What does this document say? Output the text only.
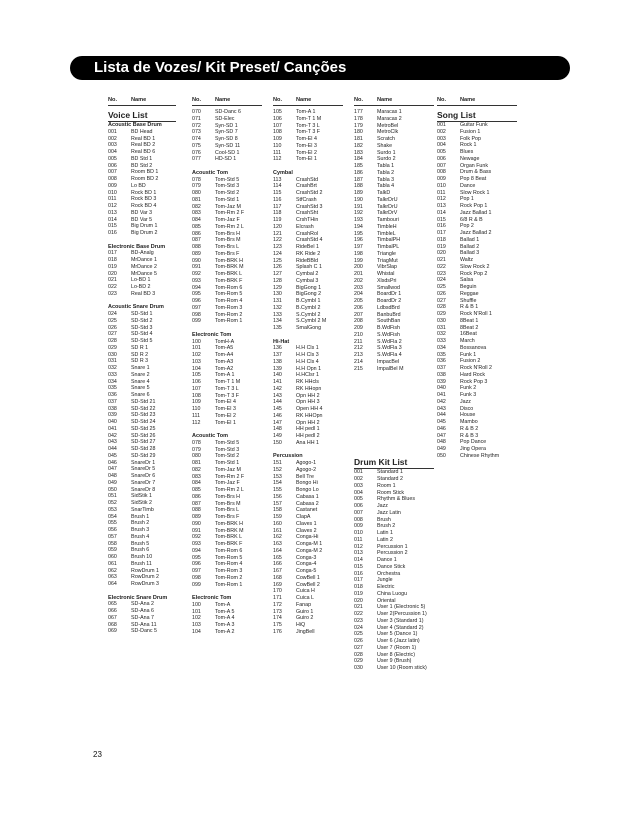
Lista de Vozes/ Kit Preset/ Canções
No. Name
Voice List
Acoustic Base Drum
001	BD Head
002	Real BD 1
003	Real BD 2
004	Real BD 6
005	BD Std 1
006	BD Std 2
007	Room BD 1
008	Room BD 2
009	Lo BD
010	Rock BD 1
011	Rock BD 3
012	Rock BD 4
013	BD Var 3
014	BD Var 5
015	Big Drum 1
016	Big Drum 2
Electronic Base Drum
017	BD-Analg
018	MrDance 1
019	MrDance 2
020	MrDance 5
021	Lo-BD 1
022	Lo-BD 2
023	Real BD 3
Acoustic Snare Drum
024	SD-Std 1
025	SD-Std 2
026	SD-Std 3
027	SD-Std 4
028	SD-Std 5
029	SD R 1
030	SD R 2
031	SD R 3
032	Snare 1
033	Snare 2
034	Snare 4
035	Snare 5
036	Snare 6
037	SD-Std 21
038	SD-Std 22
039	SD-Std 23
040	SD-Std 24
041	SD-Std 25
042	SD-Std 26
043	SD-Std 27
044	SD-Std 28
045	SD-Std 29
046	SnareDr 1
047	SnareDr 5
048	SnareDr 6
049	SnareDr 7
050	SnareDr 8
051	SidStik 1
052	SidStik 2
053	SnarTimb
054	Brush 1
055	Brush 2
056	Brush 3
057	Brush 4
058	Brush 5
059	Brush 6
060	Brush 10
061	Brush 11
062	RowDrum 1
063	RowDrum 2
064	RowDrum 3
Electronic Snare Drum
065	SD-Ana 2
066	SD-Ana 6
067	SD-Ana 7
068	SD-Ana 11
069	SD-Danc 5
No. Name
070	SD-Danc 6
071	SD-Elec
072	Syn-SD 1
073	Syn-SD 7
074	Syn-SD 8
075	Syn-SD 11
076	Cool-SD 1
077	HD-SD 1
Acoustic Tom
078	Tom-Std 5
079	Tom-Std 3
080	Tom-Std 2
081	Tom-Std 1
082	Tom-Jaz M
083	Tom-Rm 2 F
084	Tom-Jaz F
085	Tom-Rm 2 L
086	Tom-Brs H
087	Tom-Brs M
088	Tom-Brs L
089	Tom-Brs F
090	Tom-BRK H
091	Tom-BRK M
092	Tom-BRK L
093	Tom-BRK F
094	Tom-Rom 6
095	Tom-Rom 5
096	Tom-Rom 4
097	Tom-Rom 3
098	Tom-Rom 2
099	Tom-Rom 1
Electronic Tom
100	TomH-A
101	Tom-A5
102	Tom-A4
103	Tom-A3
104	Tom-A2
105	Tom-A 1
106	Tom-T 1 M
107	Tom-T 3 L
108	Tom-T 3 F
109	Tom-El 4
110	Tom-El 3
111	Tom-El 2
112	Tom-El 1
Acoustic Tom
078	Tom-Std 5
079	Tom-Std 3
080	Tom-Std 2
081	Tom-Std 1
082	Tom-Jaz M
083	Tom-Rm 2 F
084	Tom-Jaz F
085	Tom-Rm 2 L
086	Tom-Brs H
087	Tom-Brs M
088	Tom-Brs L
089	Tom-Brs F
090	Tom-BRK H
091	Tom-BRK M
092	Tom-BRK L
093	Tom-BRK F
094	Tom-Rom 6
095	Tom-Rom 5
096	Tom-Rom 4
097	Tom-Rom 3
098	Tom-Rom 2
099	Tom-Rom 1
Electronic Tom
100	Tom-A
101	Tom-A 5
102	Tom-A 4
103	Tom-A 3
104	Tom-A 2
No. Name
105	Tom-A 1
106	Tom-T 1 M
107	Tom-T 3 L
108	Tom-T 3 F
109	Tom-El 4
110	Tom-El 3
111	Tom-El 2
112	Tom-El 1
Cymbal
113	CrashStd
114	CrashBrt
115	CrashStd 2
116	StfCrash
117	CrashStd 3
118	CrashSht
119	CrshTHin
120	Elcrash
121	CrashRol
122	CrashStd 4
123	RideBel 1
124	RK Ride 2
125	RideBBld
126	Splash C 1
127	Cymbal 2
128	Cymbal 3
129	BigGong 1
130	BigGong 2
131	B.Cymbl 1
132	B.Cymbl 2
133	S.Cymbl 2
134	S.Cymbl 2 M
135	SmalGong
Hi-Hat
136	H.H Cls 1
137	H.H Cls 3
138	H.H Cls 4
139	H.H Opn 1
140	H.HClsr 1
141	RK HHcls
142	RK HHopn
143	Opn HH 2
144	Opn HH 3
145	Open HH 4
146	RK HHOpn
147	Opn HH 2
148	HH pedl 1
149	HH pedl 2
150	Ana HH 1
Percussion
151	Agogo-1
152	Agogo-2
153	Bell Tre
154	Bongo Hi
155	Bongo Lo
156	Cabasa 1
157	Cabasa 2
158	Castanet
159	ClapA
160	Claves 1
161	Claves 2
162	Conga-Hi
163	Conga-M 1
164	Conga-M 2
165	Conga-3
166	Conga-4
167	Conga-5
168	CowBell 1
169	CowBell 2
170	Cuica H
171	Cuica L
172	Fanap
173	Guiro 1
174	Guiro 2
175	HiQ
176	JingBell
No. Name
177	Maracas 1
178	Maracas 2
179	MetroBel
180	MetroClk
181	Scratch
182	Shake
183	Surdo 1
184	Surdo 2
185	Tabla 1
186	Tabla 2
187	Tabla 3
188	Tabla 4
189	TalkD
190	TalkrDrU
191	TalkrDrU
192	TalkrDrV
193	Tambouri
194	TimbleH
195	TimbleL
196	TimbalPH
197	TimbalPL
198	Triangle
199	TriagMut
200	VibrSlap
201	Whistal
202	XlsdsPri
203	Smallwod
204	BoardDr 1
205	BoardDr 2
206	LdbsdBrd
207	BanbuBrd
208	SouthBan
209	B.WdFish
210	S.WdFish
211	S.WdFla 2
212	S.WdFla 3
213	S.WdFla 4
214	ImpacBel
215	ImpalBel M
Drum Kit List
001	Standard 1
002	Standard 2
003	Room 1
004	Room Stick
005	Rhythm & Blues
006	Jazz
007	Jazz Latin
008	Brush
009	Brush 2
010	Latin 1
011	Latin 2
012	Percussion 1
013	Percussion 2
014	Dance 1
015	Dance Stick
016	Orchestra
017	Jungle
018	Electric
019	China Luogu
020	Oriental
021	User 1 (Electronic 5)
022	User 2(Percussion 1)
023	User 3 (Standard 1)
024	User 4 (Standard 2)
025	User 5 (Dance 1)
026	User 6 (Jazz latin)
027	User 7 (Room 1)
028	User 8 (Electric)
029	User 9 (Brush)
030	User 10 (Room stick)
No. Name
Song List
001	Guitar Funk
002	Fusion 1
003	Folk Pop
004	Rock 1
005	Blues
006	Newage
007	Organ Funk
008	Drum & Bass
009	Pop 8 Beat
010	Dance
011	Slow Rock 1
012	Pop 1
013	Rock Pop 1
014	Jazz Ballad 1
015	6/8 R & B
016	Pop 2
017	Jazz Ballad 2
018	Ballad 1
019	Ballad 2
020	Ballad 3
021	Waltz
022	Slow Rock 2
023	Rock Pop 2
024	Salsa
025	Beguin
026	Reggae
027	Shuffle
028	R & B 1
029	Rock N'Roll 1
030	8Beat 1
031	8Beat 2
032	16Beat
033	March
034	Bossanova
035	Funk 1
036	Fusion 2
037	Rock N'Roll 2
038	Hard Rock
039	Rock Pop 3
040	Funk 2
041	Funk 3
042	Jazz
043	Disco
044	House
045	Mambo
046	R & B 2
047	R & B 3
048	Pop Dance
049	Jing Opera
050	Chinese Rhythm
23
